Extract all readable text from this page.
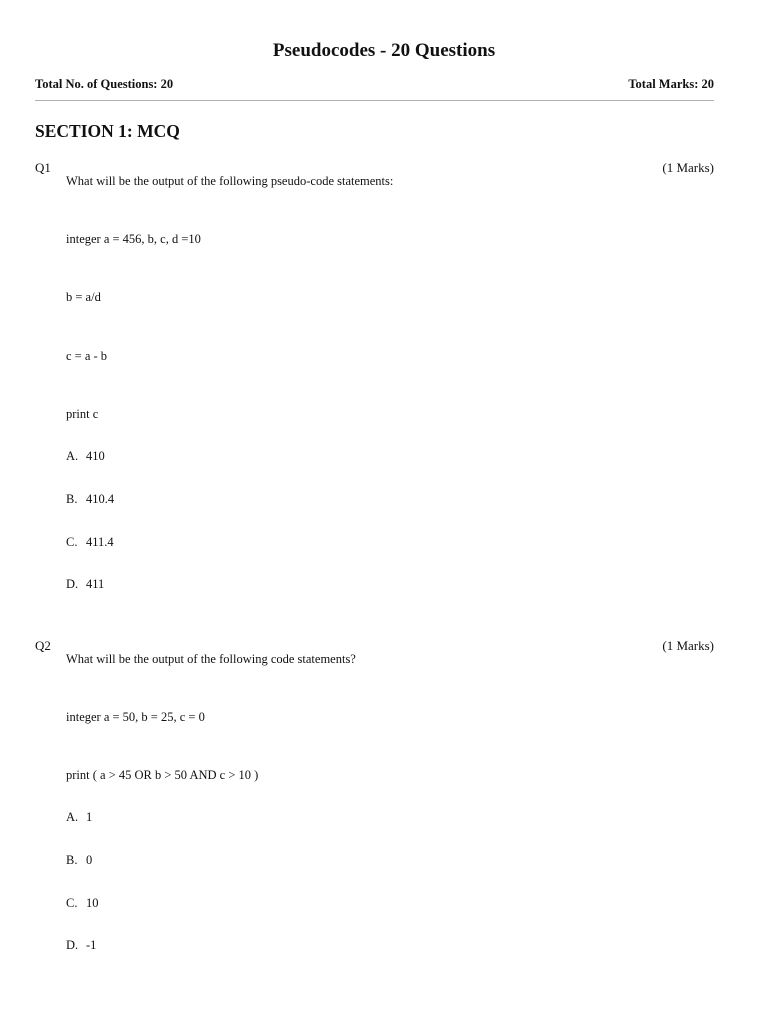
Pseudocodes - 20 Questions
Total No. of Questions: 20	Total Marks: 20
SECTION 1: MCQ
Q1	(1 Marks)
What will be the output of the following pseudo-code statements:
integer a = 456, b, c, d =10
b = a/d
c = a - b
print c
A. 410
B. 410.4
C. 411.4
D. 411
Q2	(1 Marks)
What will be the output of the following code statements?
integer a = 50, b = 25, c = 0
print ( a > 45 OR b > 50 AND c > 10 )
A. 1
B. 0
C. 10
D. -1
